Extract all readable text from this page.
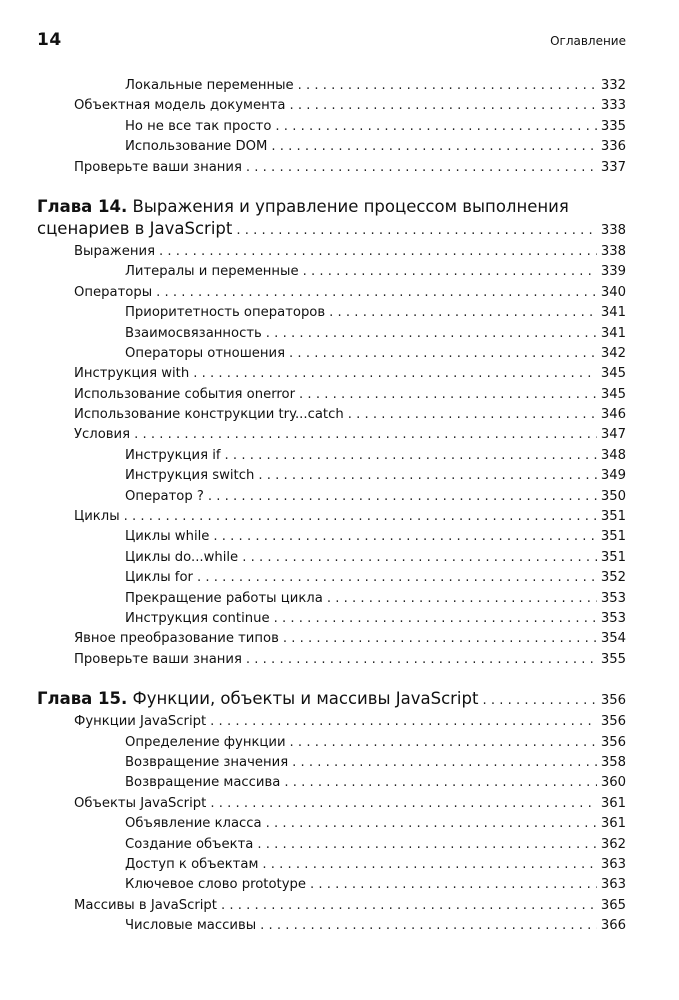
14	Оглавление
Локальные переменные . . .	332
Объектная модель документа . . .	333
Но не все так просто . . .	335
Использование DOM . . .	336
Проверьте ваши знания . . .	337
Глава 14. Выражения и управление процессом выполнения
сценариев в JavaScript . . .	338
Выражения . . .	338
Литералы и переменные . . .	339
Операторы . . .	340
Приоритетность операторов . . .	341
Взаимосвязанность . . .	341
Операторы отношения . . .	342
Инструкция with . . .	345
Использование события onerror . . .	345
Использование конструкции try...catch . . .	346
Условия . . .	347
Инструкция if . . .	348
Инструкция switch . . .	349
Оператор ? . . .	350
Циклы . . .	351
Циклы while . . .	351
Циклы do...while . . .	351
Циклы for . . .	352
Прекращение работы цикла . . .	353
Инструкция continue . . .	353
Явное преобразование типов . . .	354
Проверьте ваши знания . . .	355
Глава 15. Функции, объекты и массивы JavaScript . . .	356
Функции JavaScript . . .	356
Определение функции . . .	356
Возвращение значения . . .	358
Возвращение массива . . .	360
Объекты JavaScript . . .	361
Объявление класса . . .	361
Создание объекта . . .	362
Доступ к объектам . . .	363
Ключевое слово prototype . . .	363
Массивы в JavaScript . . .	365
Числовые массивы . . .	366
